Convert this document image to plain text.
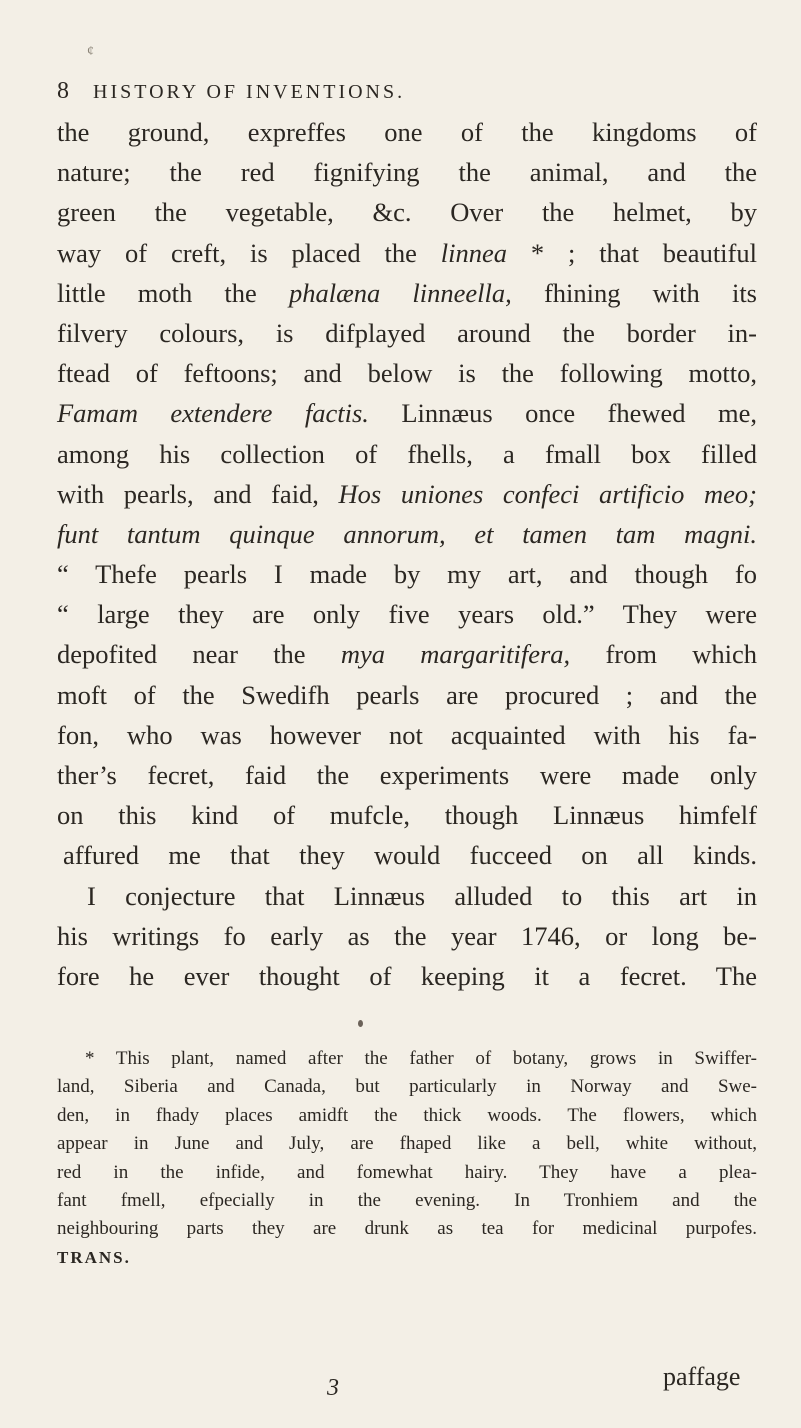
¢
8 HISTORY OF INVENTIONS.
the ground, expreffes one of the kingdoms of
nature; the red fignifying the animal, and the
green the vegetable, &c. Over the helmet, by
way of creft, is placed the linnea * ; that beautiful
little moth the phalæna linneella, fhining with its
filvery colours, is difplayed around the border in-
ftead of feftoons; and below is the following motto,
Famam extendere factis. Linnæus once fhewed me,
among his collection of fhells, a fmall box filled
with pearls, and faid, Hos uniones confeci artificio meo;
funt tantum quinque annorum, et tamen tam magni.
“ Thefe pearls I made by my art, and though fo
“ large they are only five years old.” They were
depofited near the mya margaritifera, from which
moft of the Swedifh pearls are procured ; and the
fon, who was however not acquainted with his fa-
ther’s fecret, faid the experiments were made only
on this kind of mufcle, though Linnæus himfelf
affured me that they would fucceed on all kinds.
I conjecture that Linnæus alluded to this art in
his writings fo early as the year 1746, or long be-
fore he ever thought of keeping it a fecret. The
* This plant, named after the father of botany, grows in Swiffer-
land, Siberia and Canada, but particularly in Norway and Swe-
den, in fhady places amidft the thick woods. The flowers, which
appear in June and July, are fhaped like a bell, white without,
red in the infide, and fomewhat hairy. They have a plea-
fant fmell, efpecially in the evening. In Tronhiem and the
neighbouring parts they are drunk as tea for medicinal purpofes.
TRANS.
3	paffage
